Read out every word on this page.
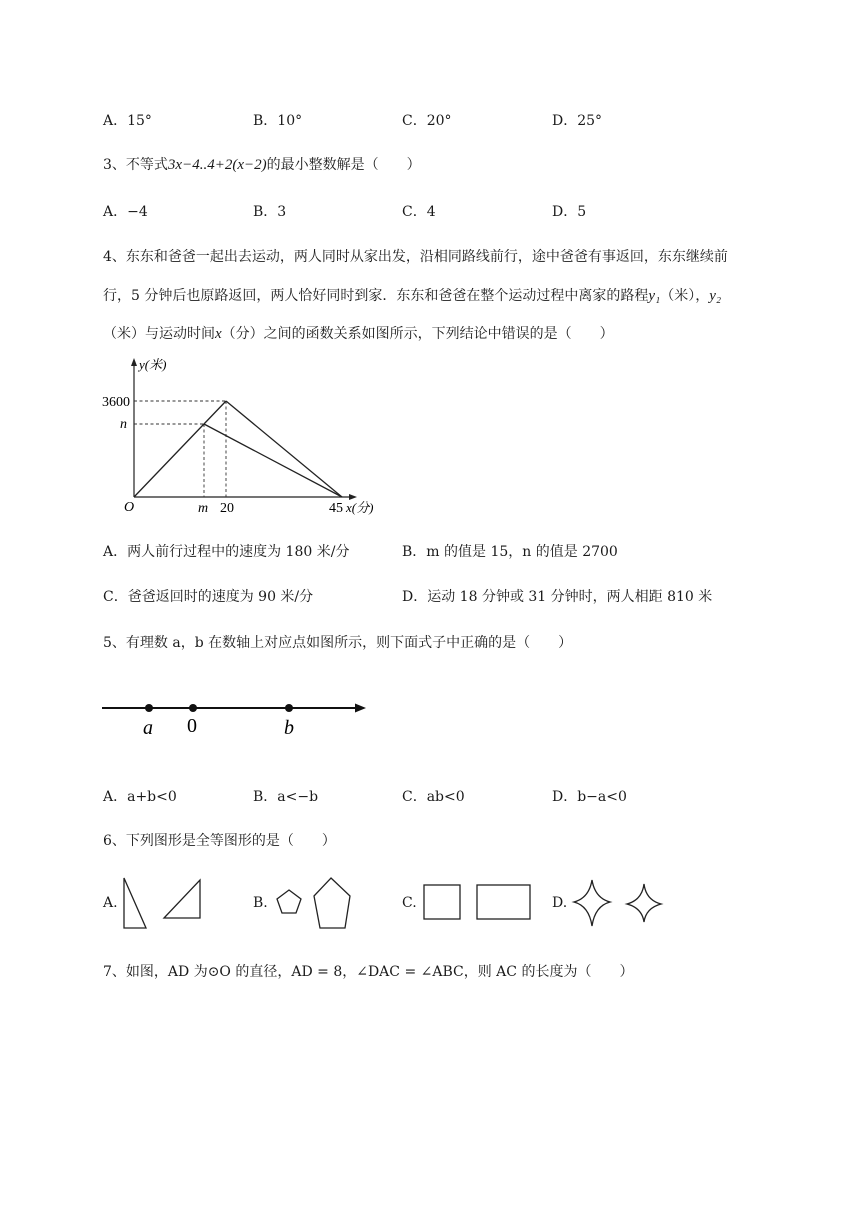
A．15°	B．10°	C．20°	D．25°
3、不等式3x−4..4+2(x−2)的最小整数解是（　　）
A．−4	B．3	C．4	D．5
4、东东和爸爸一起出去运动，两人同时从家出发，沿相同路线前行，途中爸爸有事返回，东东继续前
行，5 分钟后也原路返回，两人恰好同时到家．东东和爸爸在整个运动过程中离家的路程y₁（米），y₂
（米）与运动时间x（分）之间的函数关系如图所示，下列结论中错误的是（　　）
y(米)
3600
n
O	m 20	45 x(分)
A．两人前行过程中的速度为 180 米/分	B．m 的值是 15，n 的值是 2700
C．爸爸返回时的速度为 90 米/分	D．运动 18 分钟或 31 分钟时，两人相距 810 米
5、有理数 a，b 在数轴上对应点如图所示，则下面式子中正确的是（　　）
a 0	b
A．a+b<0	B．a<−b	C．ab<0	D．b−a<0
6、下列图形是全等图形的是（　　）
A.	B.	C.	D.
7、如图，AD 为⊙O 的直径，AD = 8，∠DAC = ∠ABC，则 AC 的长度为（　　）
